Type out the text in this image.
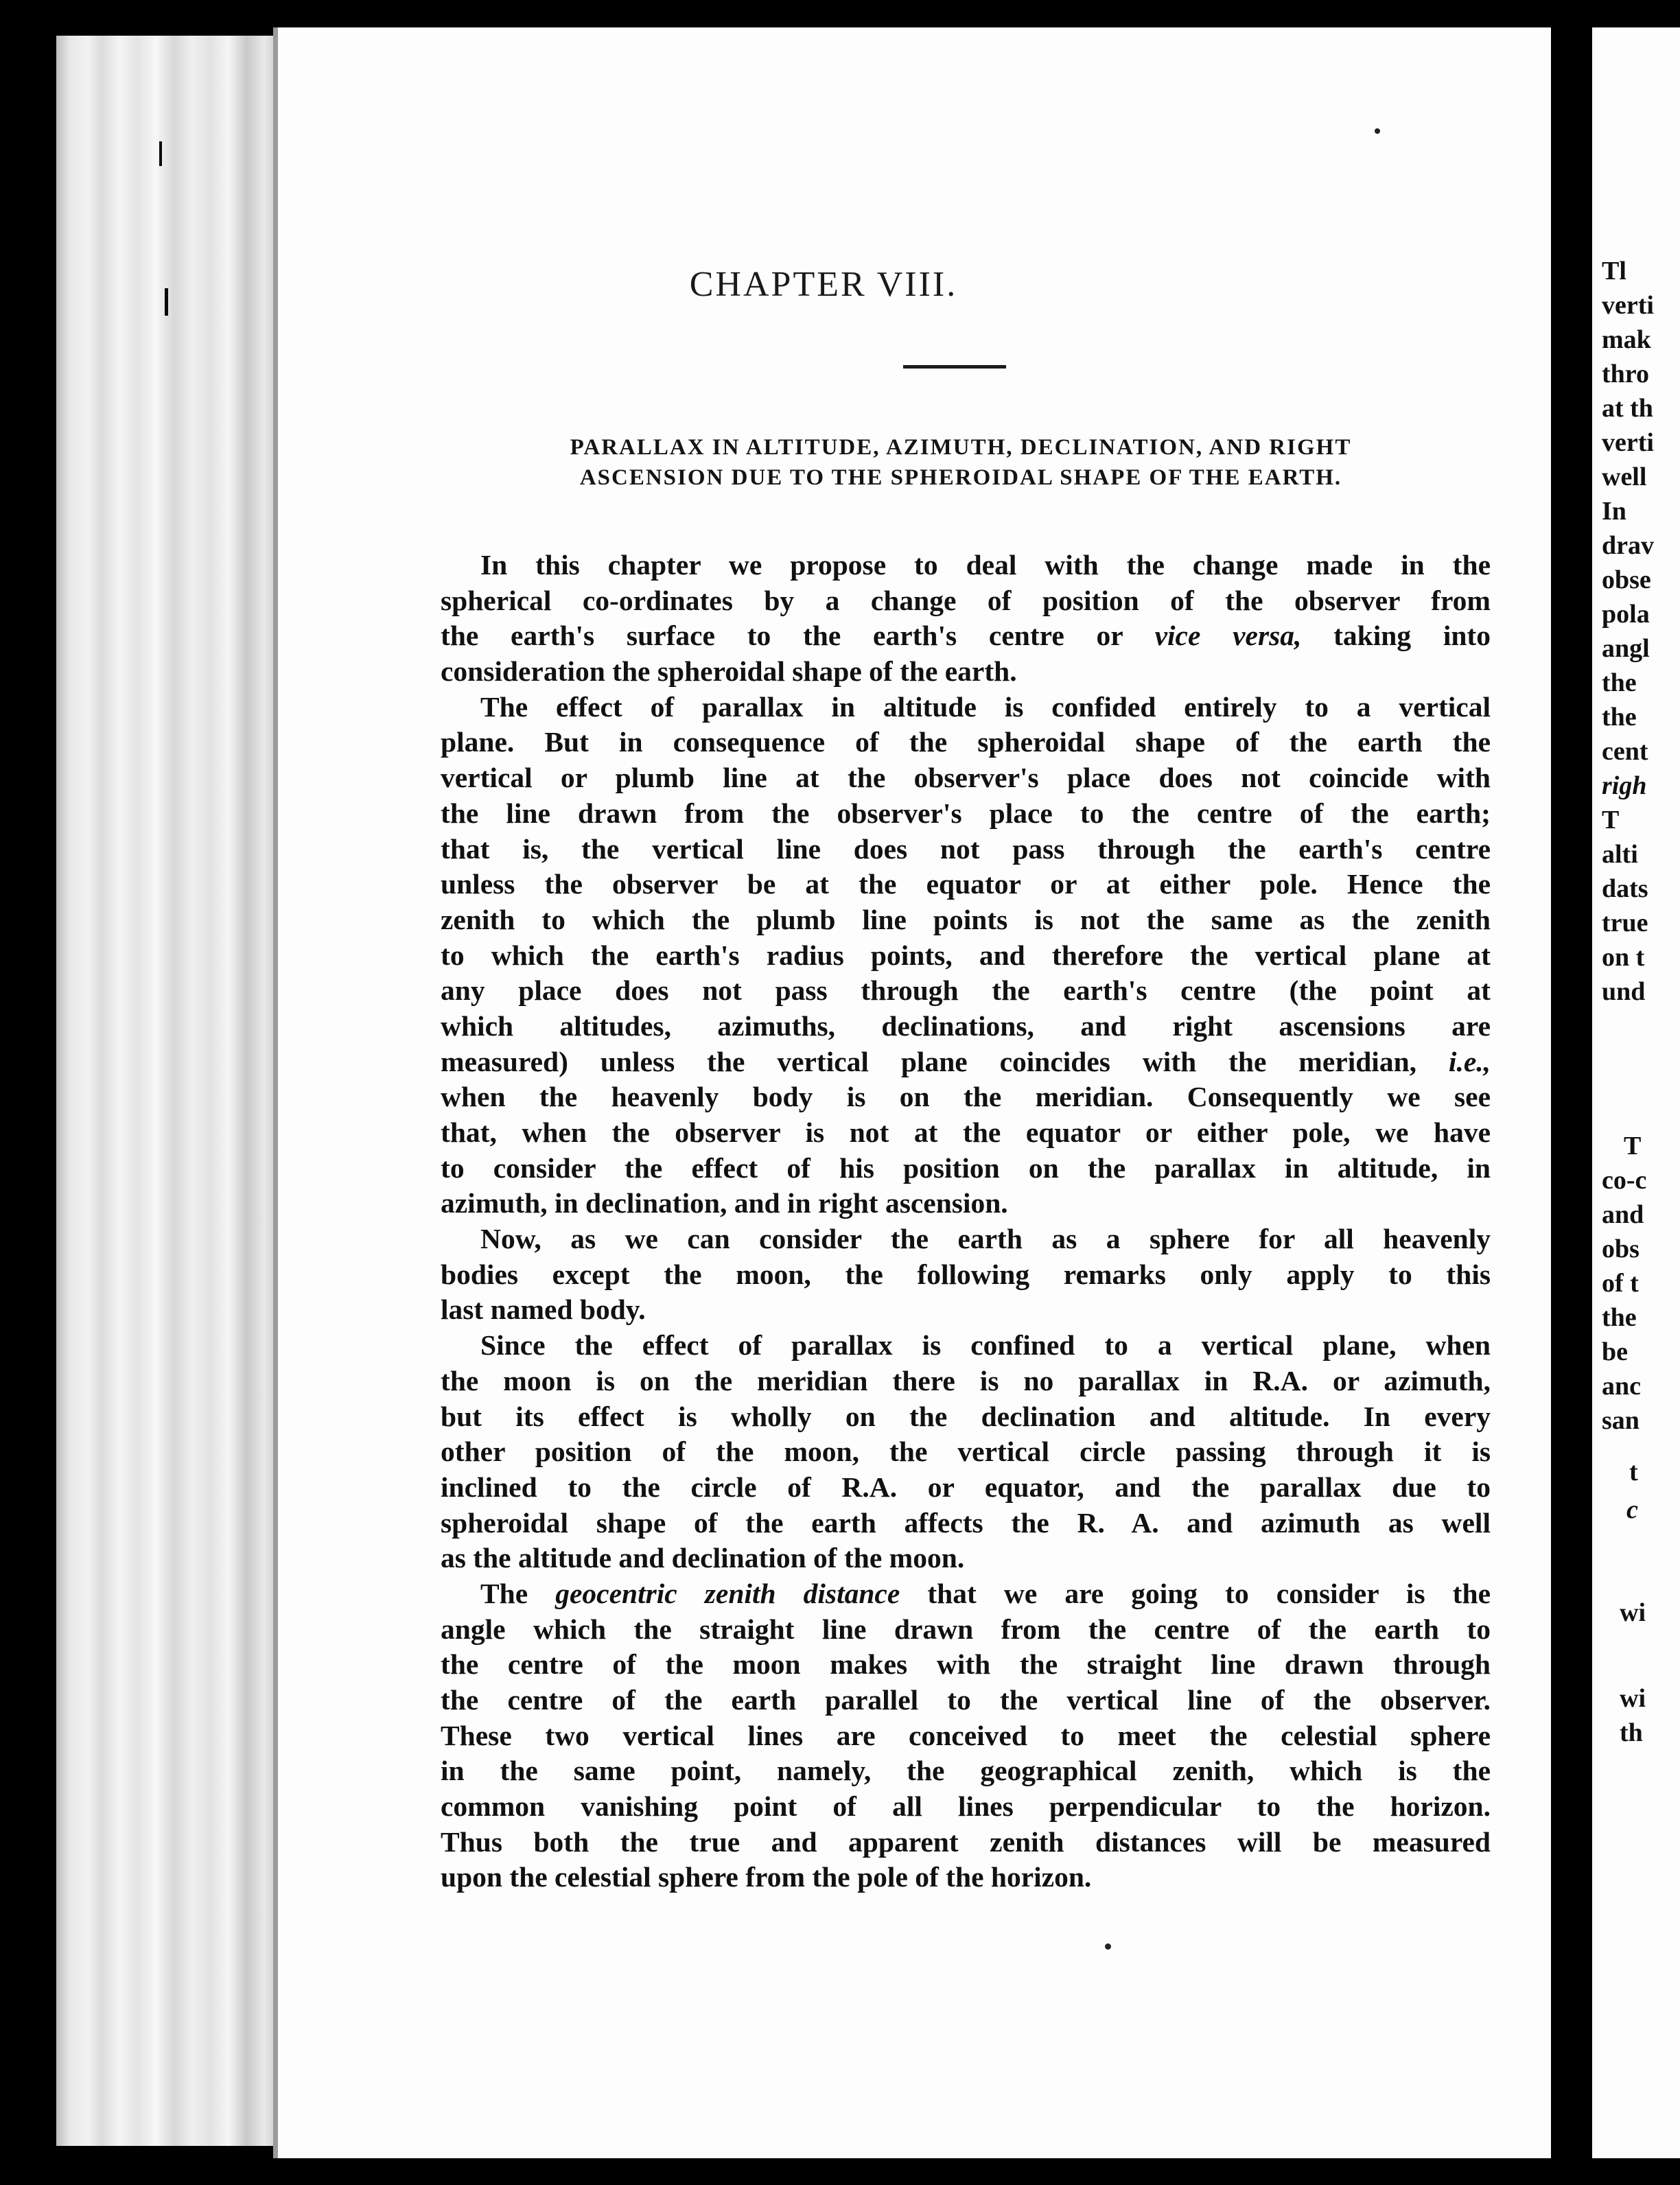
CHAPTER VIII.
PARALLAX IN ALTITUDE, AZIMUTH, DECLINATION, AND RIGHT
ASCENSION DUE TO THE SPHEROIDAL SHAPE OF THE EARTH.
In this chapter we propose to deal with the change made in the
spherical co-ordinates by a change of position of the observer from
the earth's surface to the earth's centre or vice versa, taking into
consideration the spheroidal shape of the earth.
The effect of parallax in altitude is confided entirely to a vertical
plane. But in consequence of the spheroidal shape of the earth the
vertical or plumb line at the observer's place does not coincide with
the line drawn from the observer's place to the centre of the earth;
that is, the vertical line does not pass through the earth's centre
unless the observer be at the equator or at either pole. Hence the
zenith to which the plumb line points is not the same as the zenith
to which the earth's radius points, and therefore the vertical plane at
any place does not pass through the earth's centre (the point at
which altitudes, azimuths, declinations, and right ascensions are
measured) unless the vertical plane coincides with the meridian, i.e.,
when the heavenly body is on the meridian. Consequently we see
that, when the observer is not at the equator or either pole, we have
to consider the effect of his position on the parallax in altitude, in
azimuth, in declination, and in right ascension.
Now, as we can consider the earth as a sphere for all heavenly
bodies except the moon, the following remarks only apply to this
last named body.
Since the effect of parallax is confined to a vertical plane, when
the moon is on the meridian there is no parallax in R.A. or azimuth,
but its effect is wholly on the declination and altitude. In every
other position of the moon, the vertical circle passing through it is
inclined to the circle of R.A. or equator, and the parallax due to
spheroidal shape of the earth affects the R. A. and azimuth as well
as the altitude and declination of the moon.
The geocentric zenith distance that we are going to consider is the
angle which the straight line drawn from the centre of the earth to
the centre of the moon makes with the straight line drawn through
the centre of the earth parallel to the vertical line of the observer.
These two vertical lines are conceived to meet the celestial sphere
in the same point, namely, the geographical zenith, which is the
common vanishing point of all lines perpendicular to the horizon.
Thus both the true and apparent zenith distances will be measured
upon the celestial sphere from the pole of the horizon.
Tl
verti
mak
thro
at th
verti
well
In
drav
obse
pola
angl
the
the
cent
righ
T
alti
dats
true
on t
und
T
co-c
and
obs
of t
the
be
anc
san
t
c
wi
wi
th
